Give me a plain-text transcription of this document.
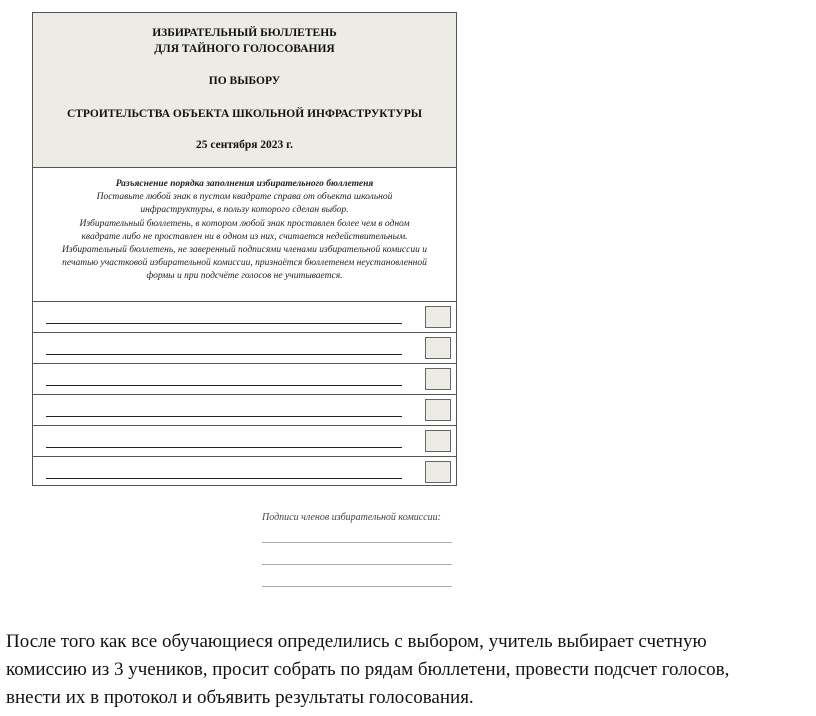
ИЗБИРАТЕЛЬНЫЙ БЮЛЛЕТЕНЬ
ДЛЯ ТАЙНОГО ГОЛОСОВАНИЯ
ПО ВЫБОРУ
СТРОИТЕЛЬСТВА ОБЪЕКТА ШКОЛЬНОЙ ИНФРАСТРУКТУРЫ
25 сентября 2023 г.
Разъяснение порядка заполнения избирательного бюллетеня
Поставьте любой знак в пустом квадрате справа от объекта школьной
инфраструктуры, в пользу которого сделан выбор.
Избирательный бюллетень, в котором любой знак проставлен более чем в одном
квадрате либо не проставлен ни в одном из них, считается недействительным.
Избирательный бюллетень, не заверенный подписями членами избирательной комиссии и
печатью участковой избирательной комиссии, признаётся бюллетенем неустановленной
формы и при подсчёте голосов не учитывается.
Подписи членов избирательной комиссии:
После того как все обучающиеся определились с выбором, учитель выбирает счетную
комиссию из 3 учеников, просит собрать по рядам бюллетени, провести подсчет голосов,
внести их в протокол и объявить результаты голосования.
